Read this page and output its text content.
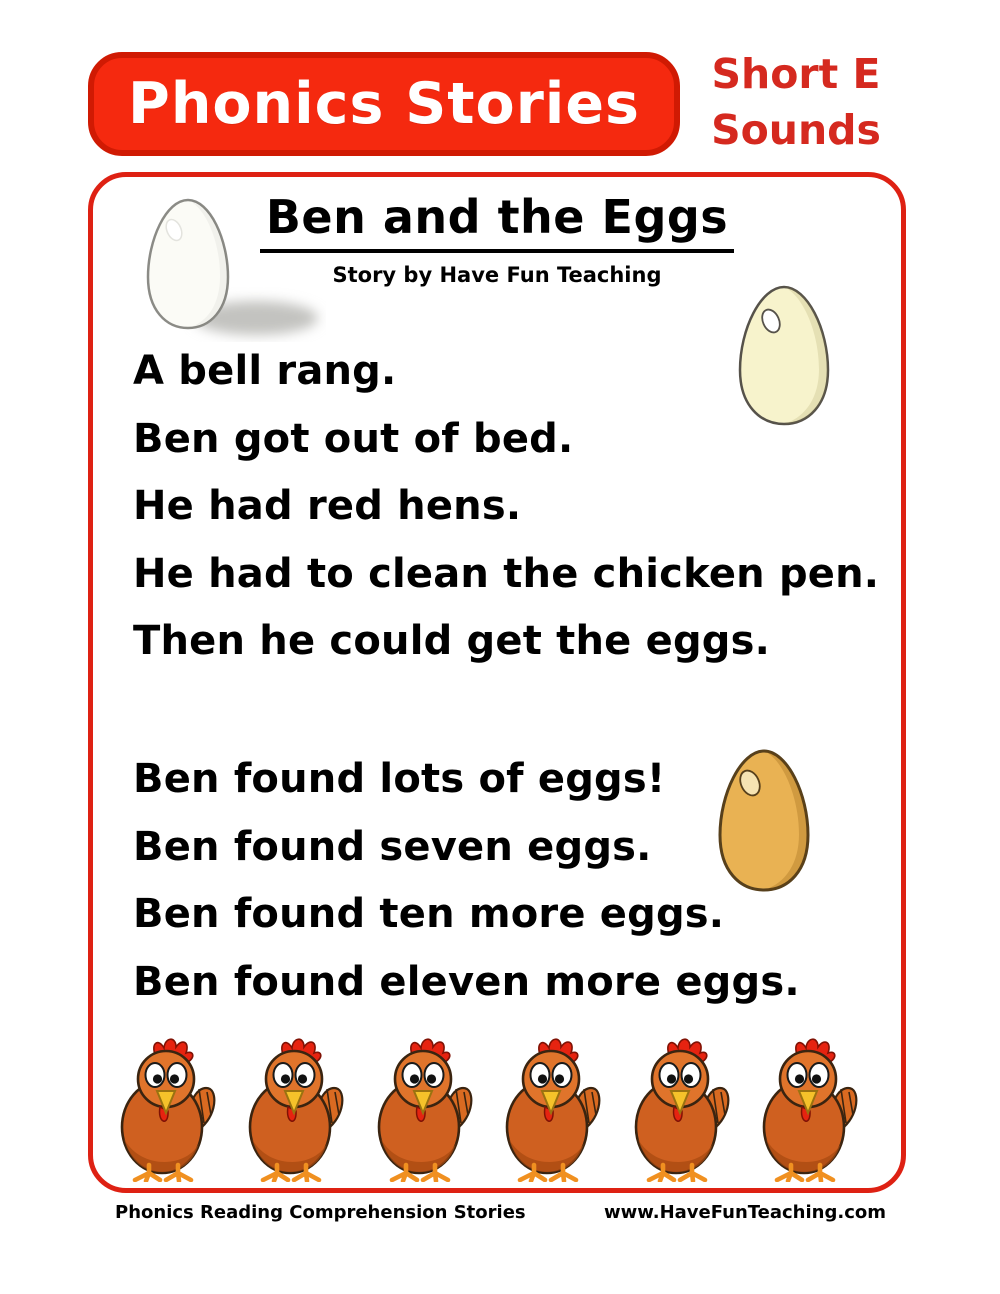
Phonics Stories	Short E
Sounds
Ben and the Eggs
Story by Have Fun Teaching
A bell rang.
Ben got out of bed.
He had red hens.
He had to clean the chicken pen.
Then he could get the eggs.
Ben found lots of eggs!
Ben found seven eggs.
Ben found ten more eggs.
Ben found eleven more eggs.
Phonics Reading Comprehension Stories	www.HaveFunTeaching.com
